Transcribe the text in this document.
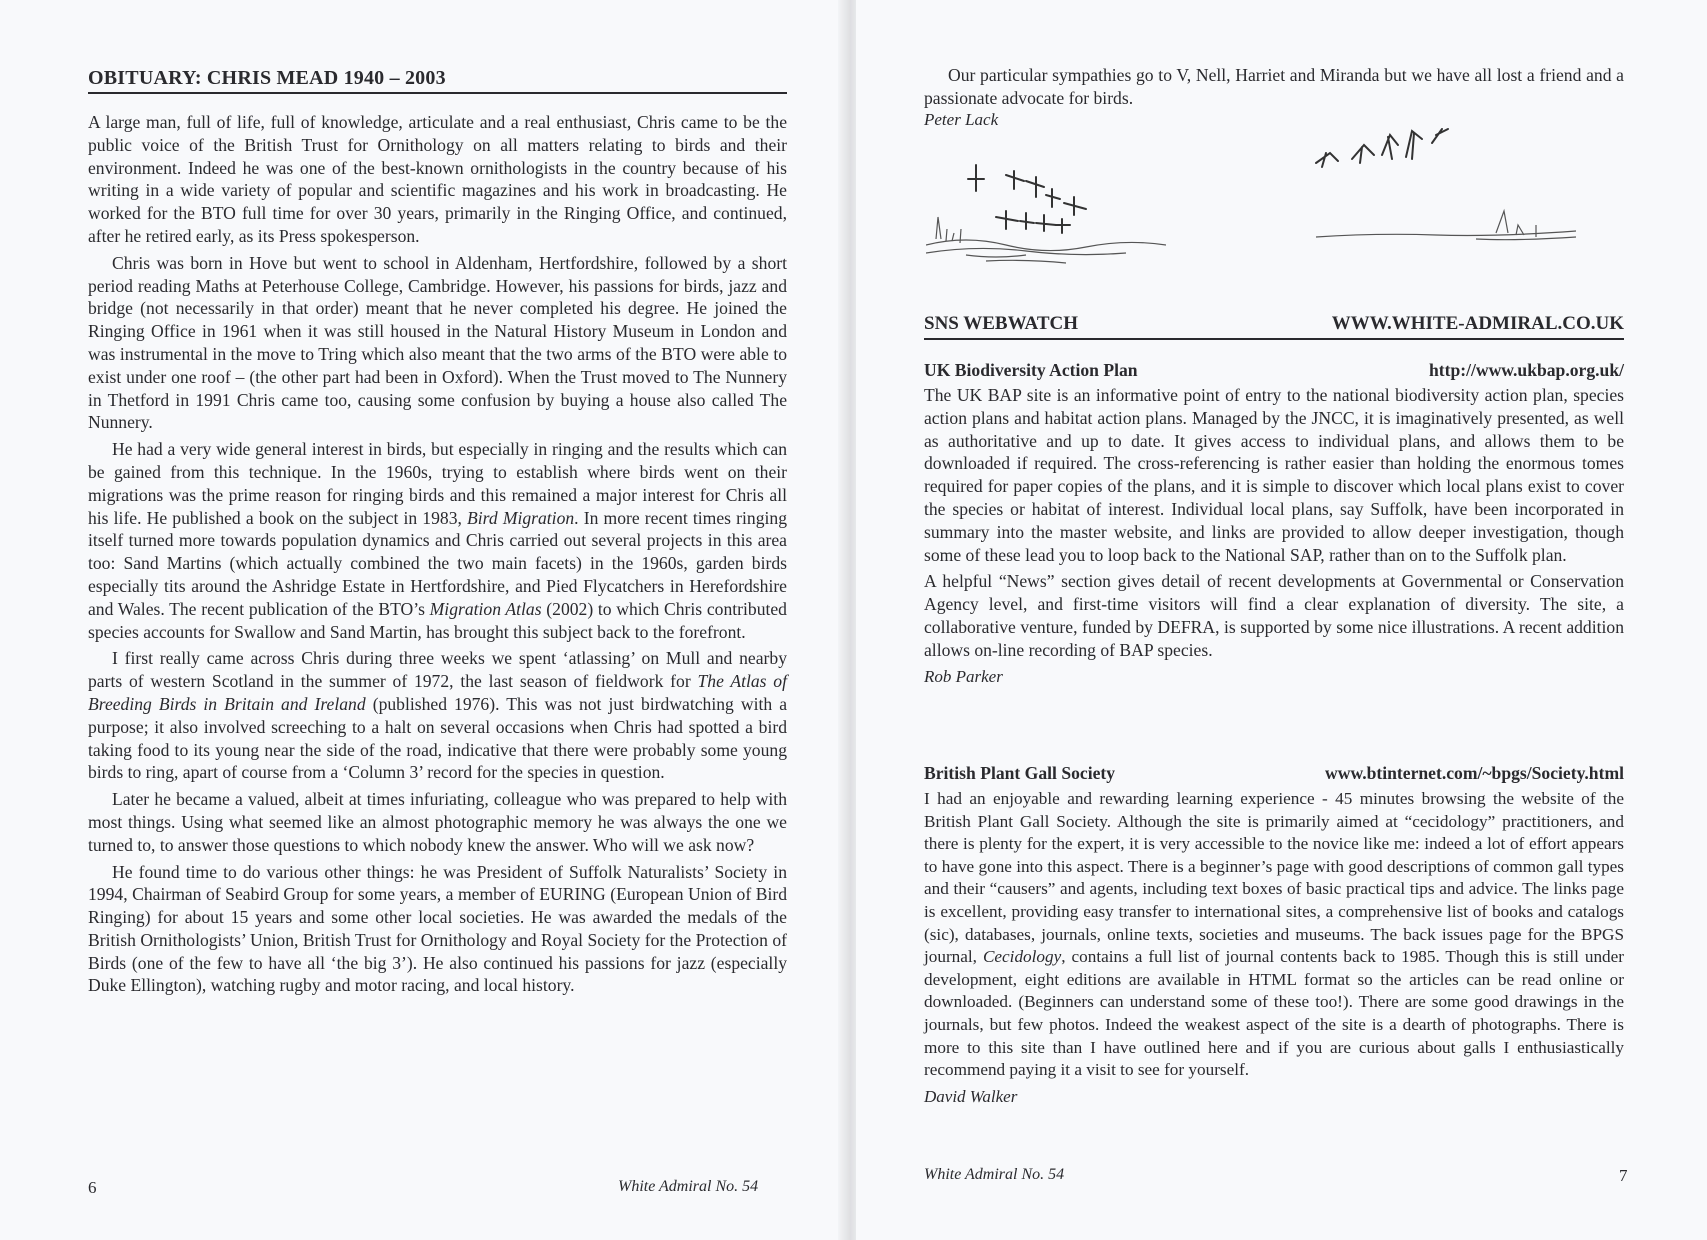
OBITUARY: CHRIS MEAD 1940 – 2003

A large man, full of life, full of knowledge, articulate and a real enthusiast, Chris came to be the public voice of the British Trust for Ornithology on all matters relating to birds and their environment. Indeed he was one of the best-known ornithologists in the country because of his writing in a wide variety of popular and scientific magazines and his work in broadcasting. He worked for the BTO full time for over 30 years, primarily in the Ringing Office, and continued, after he retired early, as its Press spokesperson.

Chris was born in Hove but went to school in Aldenham, Hertfordshire, followed by a short period reading Maths at Peterhouse College, Cambridge. However, his passions for birds, jazz and bridge (not necessarily in that order) meant that he never completed his degree. He joined the Ringing Office in 1961 when it was still housed in the Natural History Museum in London and was instrumental in the move to Tring which also meant that the two arms of the BTO were able to exist under one roof – (the other part had been in Oxford). When the Trust moved to The Nunnery in Thetford in 1991 Chris came too, causing some confusion by buying a house also called The Nunnery.

He had a very wide general interest in birds, but especially in ringing and the results which can be gained from this technique. In the 1960s, trying to establish where birds went on their migrations was the prime reason for ringing birds and this remained a major interest for Chris all his life. He published a book on the subject in 1983, Bird Migration. In more recent times ringing itself turned more towards population dynamics and Chris carried out several projects in this area too: Sand Martins (which actually combined the two main facets) in the 1960s, garden birds especially tits around the Ashridge Estate in Hertfordshire, and Pied Flycatchers in Herefordshire and Wales. The recent publication of the BTO’s Migration Atlas (2002) to which Chris contributed species accounts for Swallow and Sand Martin, has brought this subject back to the forefront.

I first really came across Chris during three weeks we spent ‘atlassing’ on Mull and nearby parts of western Scotland in the summer of 1972, the last season of fieldwork for The Atlas of Breeding Birds in Britain and Ireland (published 1976). This was not just birdwatching with a purpose; it also involved screeching to a halt on several occasions when Chris had spotted a bird taking food to its young near the side of the road, indicative that there were probably some young birds to ring, apart of course from a ‘Column 3’ record for the species in question.

Later he became a valued, albeit at times infuriating, colleague who was prepared to help with most things. Using what seemed like an almost photographic memory he was always the one we turned to, to answer those questions to which nobody knew the answer. Who will we ask now?

He found time to do various other things: he was President of Suffolk Naturalists’ Society in 1994, Chairman of Seabird Group for some years, a member of EURING (European Union of Bird Ringing) for about 15 years and some other local societies. He was awarded the medals of the British Ornithologists’ Union, British Trust for Ornithology and Royal Society for the Protection of Birds (one of the few to have all ‘the big 3’). He also continued his passions for jazz (especially Duke Ellington), watching rugby and motor racing, and local history.

6	White Admiral No. 54

Our particular sympathies go to V, Nell, Harriet and Miranda but we have all lost a friend and a passionate advocate for birds.

Peter Lack
SNS WEBWATCH	WWW.WHITE-ADMIRAL.CO.UK
UK Biodiversity Action Plan	http://www.ukbap.org.uk/

The UK BAP site is an informative point of entry to the national biodiversity action plan, species action plans and habitat action plans. Managed by the JNCC, it is imaginatively presented, as well as authoritative and up to date. It gives access to individual plans, and allows them to be downloaded if required. The cross-referencing is rather easier than holding the enormous tomes required for paper copies of the plans, and it is simple to discover which local plans exist to cover the species or habitat of interest. Individual local plans, say Suffolk, have been incorporated in summary into the master website, and links are provided to allow deeper investigation, though some of these lead you to loop back to the National SAP, rather than on to the Suffolk plan.

A helpful “News” section gives detail of recent developments at Governmental or Conservation Agency level, and first-time visitors will find a clear explanation of diversity. The site, a collaborative venture, funded by DEFRA, is supported by some nice illustrations. A recent addition allows on-line recording of BAP species.

Rob Parker
British Plant Gall Society	www.btinternet.com/~bpgs/Society.html

I had an enjoyable and rewarding learning experience - 45 minutes browsing the website of the British Plant Gall Society. Although the site is primarily aimed at “cecidology” practitioners, and there is plenty for the expert, it is very accessible to the novice like me: indeed a lot of effort appears to have gone into this aspect. There is a beginner’s page with good descriptions of common gall types and their “causers” and agents, including text boxes of basic practical tips and advice. The links page is excellent, providing easy transfer to international sites, a comprehensive list of books and catalogs (sic), databases, journals, online texts, societies and museums. The back issues page for the BPGS journal, Cecidology, contains a full list of journal contents back to 1985. Though this is still under development, eight editions are available in HTML format so the articles can be read online or downloaded. (Beginners can understand some of these too!). There are some good drawings in the journals, but few photos. Indeed the weakest aspect of the site is a dearth of photographs. There is more to this site than I have outlined here and if you are curious about galls I enthusiastically recommend paying it a visit to see for yourself.

David Walker
White Admiral No. 54	7
